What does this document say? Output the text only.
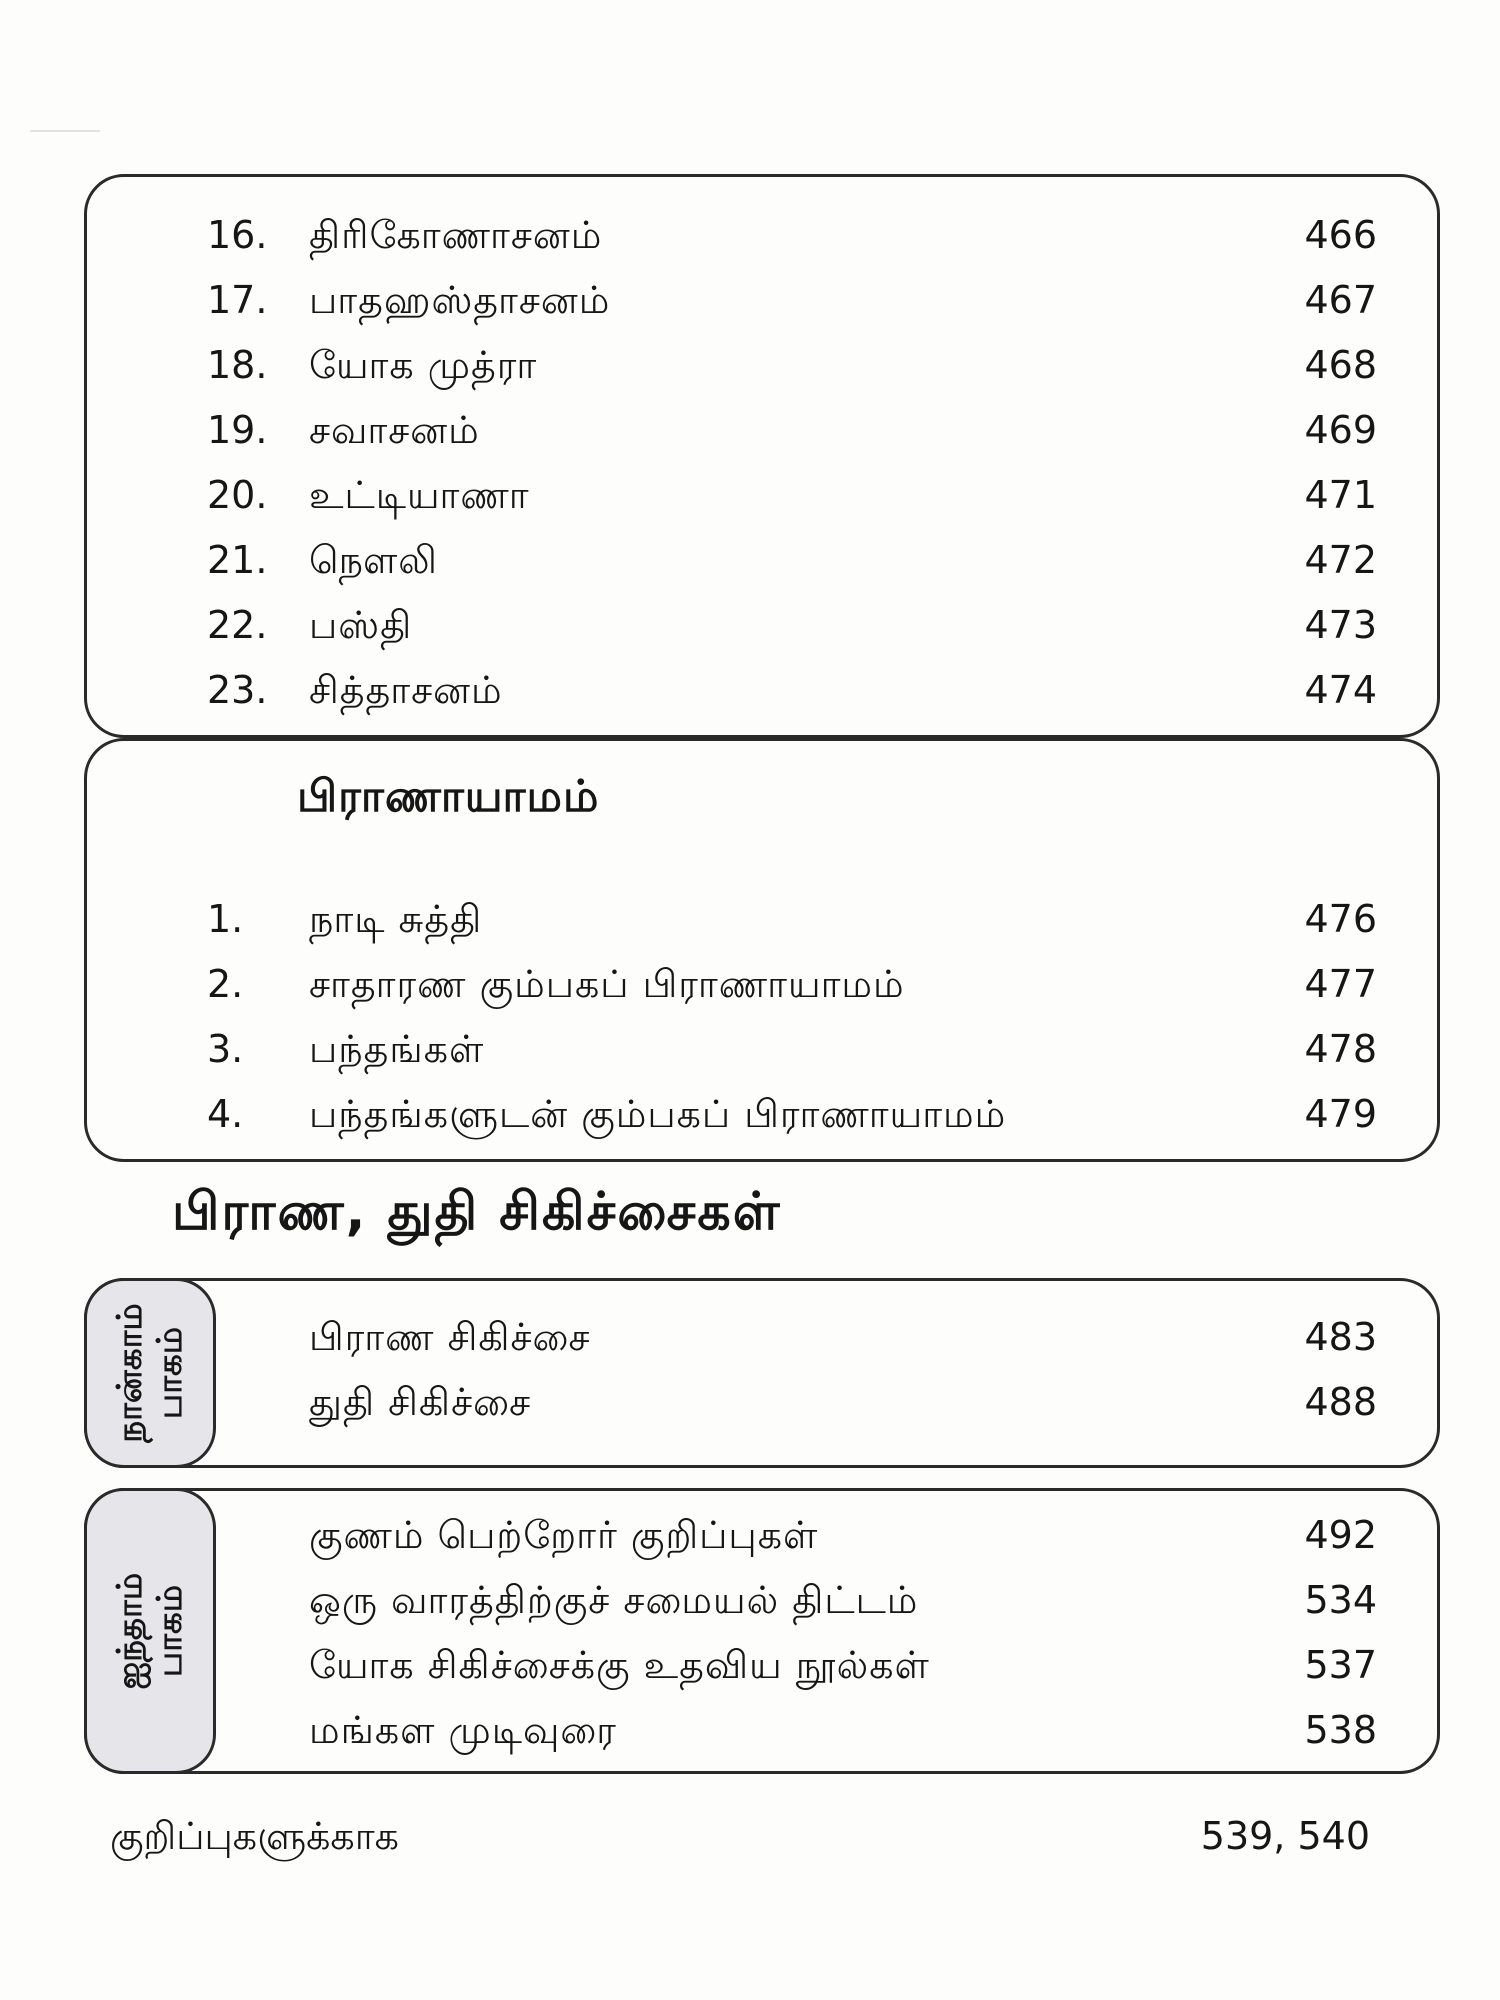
16. திரிகோணாசனம்	466
17. பாதஹஸ்தாசனம்	467
18. யோக முத்ரா	468
19. சவாசனம்	469
20. உட்டியாணா	471
21. நௌலி	472
22. பஸ்தி	473
23. சித்தாசனம்	474
பிராணாயாமம்
1. நாடி சுத்தி	476
2. சாதாரண கும்பகப் பிராணாயாமம்	477
3. பந்தங்கள்	478
4. பந்தங்களுடன் கும்பகப் பிராணாயாமம்	479
பிராண, துதி சிகிச்சைகள்
நான்காம் பாகம்	பிராண சிகிச்சை	483
துதி சிகிச்சை	488
ஐந்தாம் பாகம்
குணம் பெற்றோர் குறிப்புகள்	492
ஒரு வாரத்திற்குச் சமையல் திட்டம்	534
யோக சிகிச்சைக்கு உதவிய நூல்கள்	537
மங்கள முடிவுரை	538
குறிப்புகளுக்காக	539, 540
